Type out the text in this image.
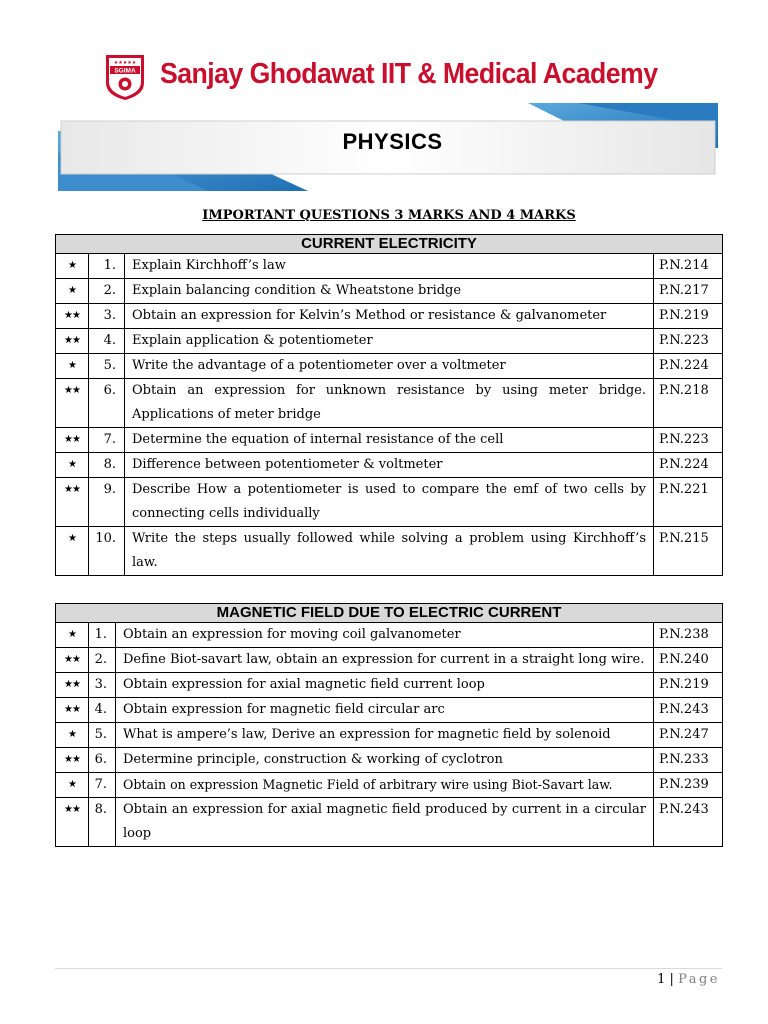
★★★★★
SGIMA Sanjay Ghodawat IIT & Medical Academy
PHYSICS
IMPORTANT QUESTIONS 3 MARKS AND 4 MARKS
CURRENT ELECTRICITY			
★	1.	Explain Kirchhoff’s law	P.N.214
★	2.	Explain balancing condition & Wheatstone bridge	P.N.217
★★	3.	Obtain an expression for Kelvin’s Method or resistance & galvanometer	P.N.219
★★	4.	Explain application & potentiometer	P.N.223
★	5.	Write the advantage of a potentiometer over a voltmeter	P.N.224
★★	6.	Obtain an expression for unknown resistance by using meter bridge. Applications of meter bridge	P.N.218
★★	7.	Determine the equation of internal resistance of the cell	P.N.223
★	8.	Difference between potentiometer & voltmeter	P.N.224
★★	9.	Describe How a potentiometer is used to compare the emf of two cells by connecting cells individually	P.N.221
★	10.	Write the steps usually followed while solving a problem using Kirchhoff’s law.	P.N.215
MAGNETIC FIELD DUE TO ELECTRIC CURRENT			
★	1.	Obtain an expression for moving coil galvanometer	P.N.238
★★	2.	Define Biot-savart law, obtain an expression for current in a straight long wire.	P.N.240
★★	3.	Obtain expression for axial magnetic field current loop	P.N.219
★★	4.	Obtain expression for magnetic field circular arc	P.N.243
★	5.	What is ampere’s law, Derive an expression for magnetic field by solenoid	P.N.247
★★	6.	Determine principle, construction & working of cyclotron	P.N.233
★	7.	Obtain on expression Magnetic Field of arbitrary wire using Biot-Savart law.	P.N.239
★★	8.	Obtain an expression for axial magnetic field produced by current in a circular loop	P.N.243
1 | Page
